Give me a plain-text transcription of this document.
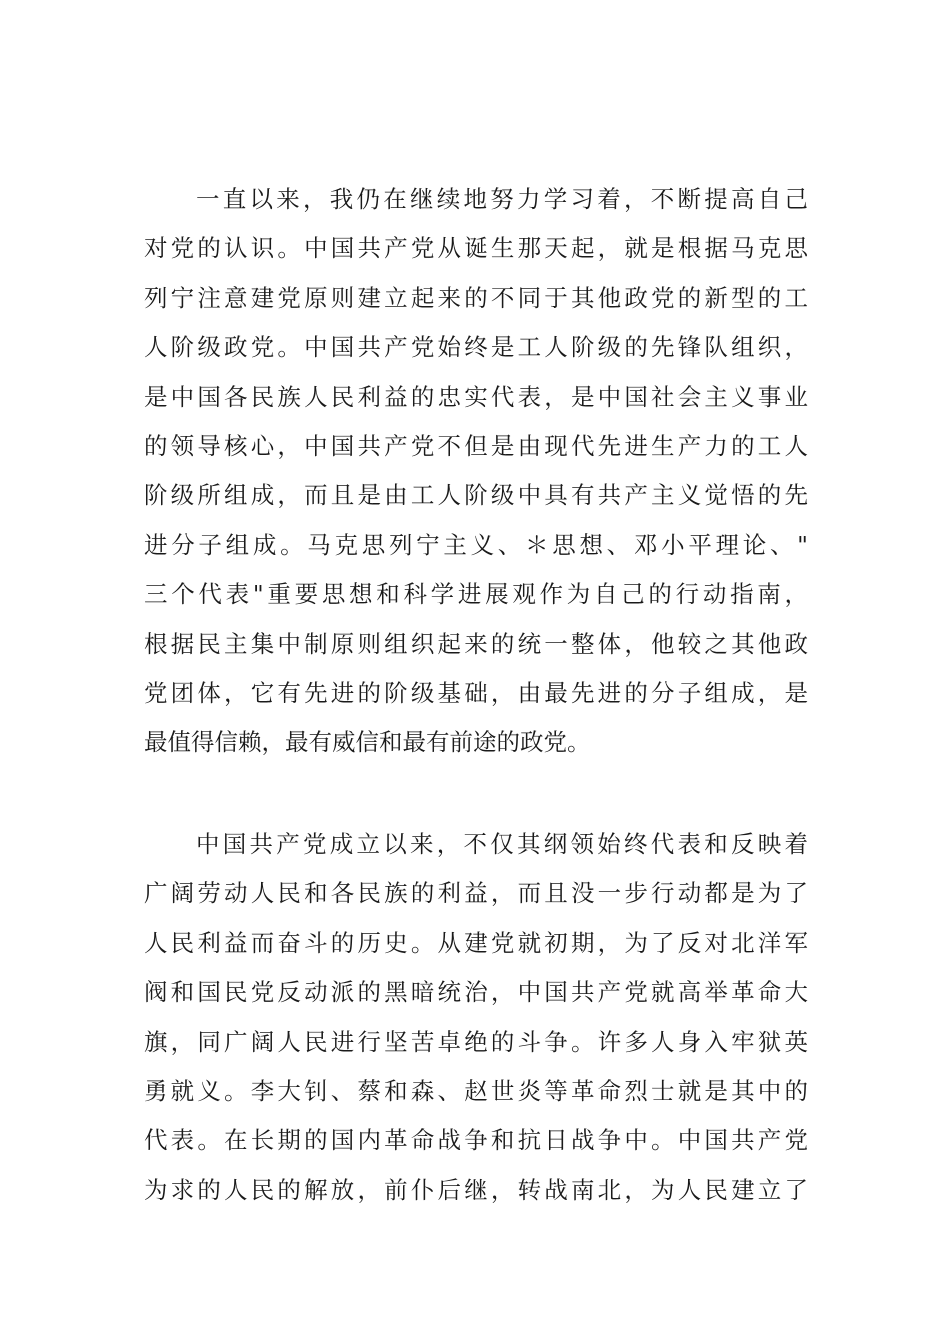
一直以来，我仍在继续地努力学习着，不断提高自己
对党的认识。中国共产党从诞生那天起，就是根据马克思
列宁注意建党原则建立起来的不同于其他政党的新型的工
人阶级政党。中国共产党始终是工人阶级的先锋队组织，
是中国各民族人民利益的忠实代表，是中国社会主义事业
的领导核心，中国共产党不但是由现代先进生产力的工人
阶级所组成，而且是由工人阶级中具有共产主义觉悟的先
进分子组成。马克思列宁主义、＊思想、邓小平理论、"
三个代表"重要思想和科学进展观作为自己的行动指南，
根据民主集中制原则组织起来的统一整体，他较之其他政
党团体，它有先进的阶级基础，由最先进的分子组成，是
最值得信赖，最有威信和最有前途的政党。
中国共产党成立以来，不仅其纲领始终代表和反映着
广阔劳动人民和各民族的利益，而且没一步行动都是为了
人民利益而奋斗的历史。从建党就初期，为了反对北洋军
阀和国民党反动派的黑暗统治，中国共产党就高举革命大
旗，同广阔人民进行坚苦卓绝的斗争。许多人身入牢狱英
勇就义。李大钊、蔡和森、赵世炎等革命烈士就是其中的
代表。在长期的国内革命战争和抗日战争中。中国共产党
为求的人民的解放，前仆后继，转战南北，为人民建立了
